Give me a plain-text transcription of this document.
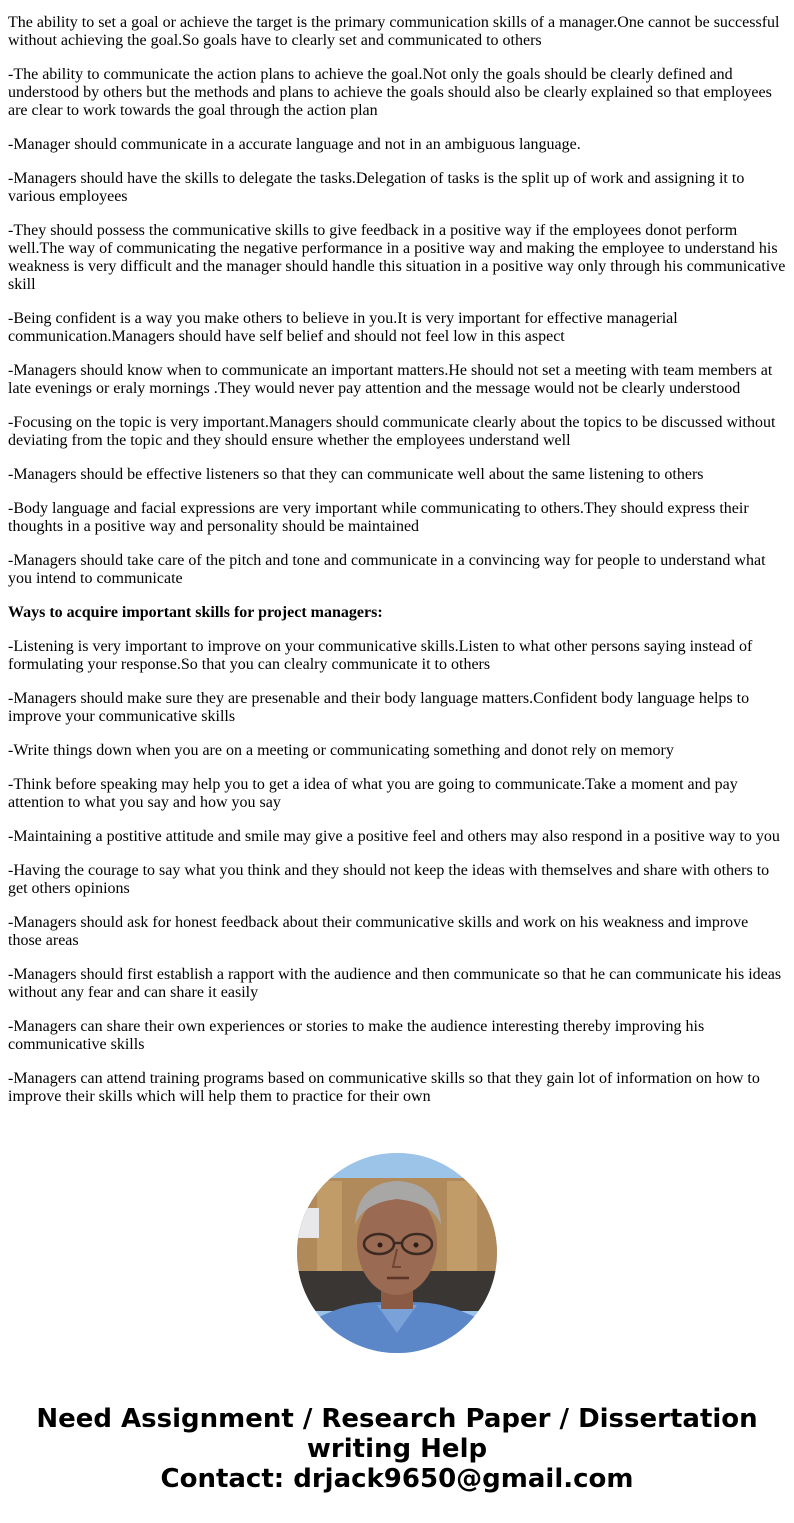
The ability to set a goal or achieve the target is the primary communication skills of a manager.One cannot be successful without achieving the goal.So goals have to clearly set and communicated to others

-The ability to communicate the action plans to achieve the goal.Not only the goals should be clearly defined and understood by others but the methods and plans to achieve the goals should also be clearly explained so that employees are clear to work towards the goal through the action plan

-Manager should communicate in a accurate language and not in an ambiguous language.

-Managers should have the skills to delegate the tasks.Delegation of tasks is the split up of work and assigning it to various employees

-They should possess the communicative skills to give feedback in a positive way if the employees donot perform well.The way of communicating the negative performance in a positive way and making the employee to understand his weakness is very difficult and the manager should handle this situation in a positive way only through his communicative skill

-Being confident is a way you make others to believe in you.It is very important for effective managerial communication.Managers should have self belief and should not feel low in this aspect

-Managers should know when to communicate an important matters.He should not set a meeting with team members at late evenings or eraly mornings .They would never pay attention and the message would not be clearly understood

-Focusing on the topic is very important.Managers should communicate clearly about the topics to be discussed without deviating from the topic and they should ensure whether the employees understand well

-Managers should be effective listeners so that they can communicate well about the same listening to others

-Body language and facial expressions are very important while communicating to others.They should express their thoughts in a positive way and personality should be maintained

-Managers should take care of the pitch and tone and communicate in a convincing way for people to understand what you intend to communicate

Ways to acquire important skills for project managers:

-Listening is very important to improve on your communicative skills.Listen to what other persons saying instead of formulating your response.So that you can clealry communicate it to others

-Managers should make sure they are presenable and their body language matters.Confident body language helps to improve your communicative skills

-Write things down when you are on a meeting or communicating something and donot rely on memory

-Think before speaking may help you to get a idea of what you are going to communicate.Take a moment and pay attention to what you say and how you say

-Maintaining a postitive attitude and smile may give a positive feel and others may also respond in a positive way to you

-Having the courage to say what you think and they should not keep the ideas with themselves and share with others to get others opinions

-Managers should ask for honest feedback about their communicative skills and work on his weakness and improve those areas

-Managers should first establish a rapport with the audience and then communicate so that he can communicate his ideas without any fear and can share it easily

-Managers can share their own experiences or stories to make the audience interesting thereby improving his communicative skills

-Managers can attend training programs based on communicative skills so that they gain lot of information on how to improve their skills which will help them to practice for their own

Need Assignment / Research Paper / Dissertation
writing Help
Contact: drjack9650@gmail.com
